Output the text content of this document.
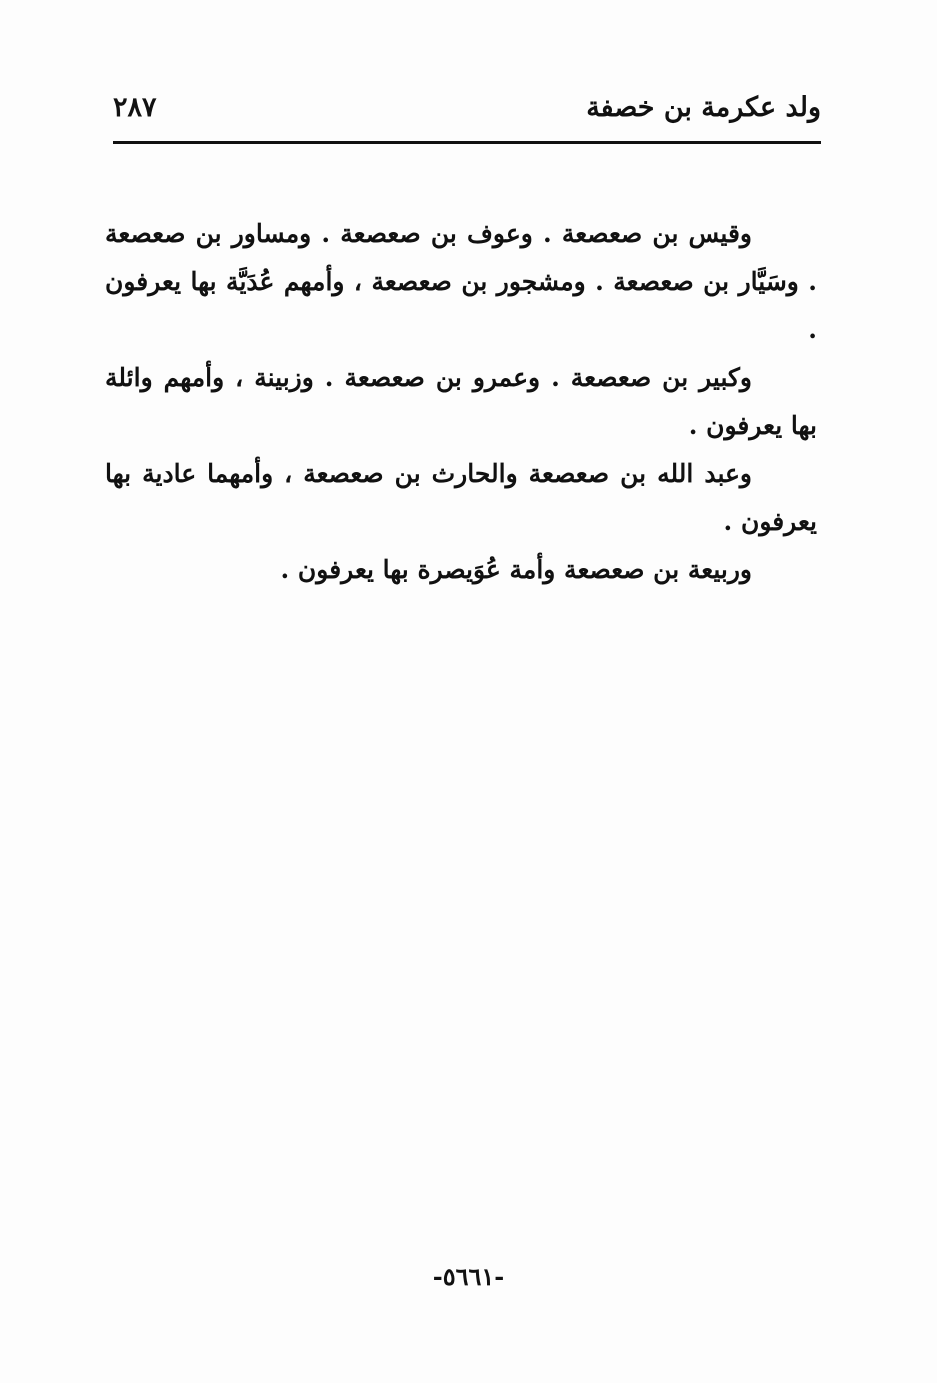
ولد عكرمة بن خصفة
٢٨٧

وقيس بن صعصعة . وعوف بن صعصعة . ومساور بن صعصعة . وسَيَّار بن صعصعة . ومشجور بن صعصعة ، وأمهم عُدَيَّة بها يعرفون .

وكبير بن صعصعة . وعمرو بن صعصعة . وزبينة ، وأمهم وائلة بها يعرفون .

وعبد الله بن صعصعة والحارث بن صعصعة ، وأمهما عادية بها يعرفون .

وربيعة بن صعصعة وأمة عُوَيصرة بها يعرفون .

-٥٦٦١-
